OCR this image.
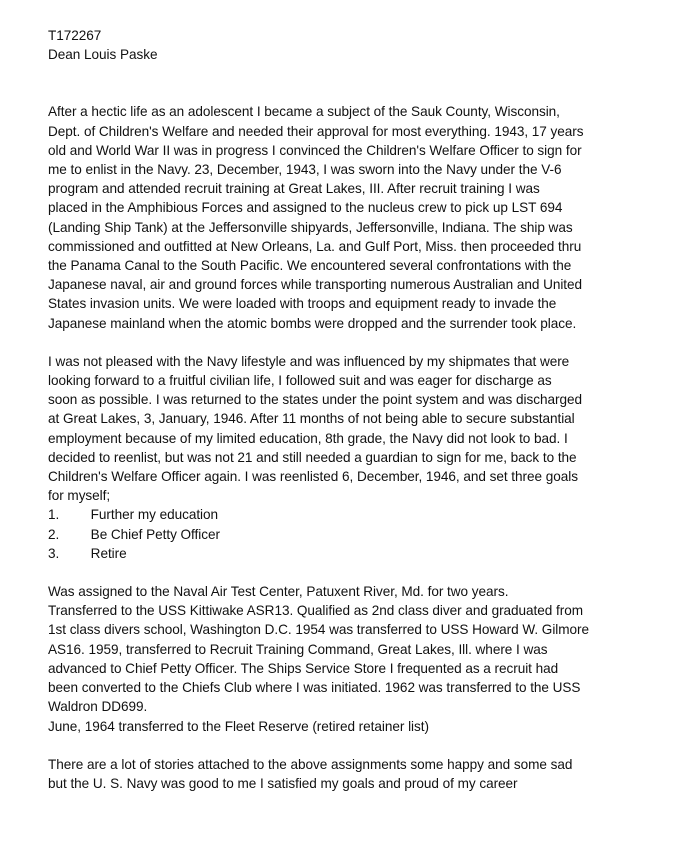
T172267
Dean Louis Paske
After a hectic life as an adolescent I became a subject of the Sauk County, Wisconsin,
Dept. of Children's Welfare and needed their approval for most everything. 1943, 17 years
old and World War II was in progress I convinced the Children's Welfare Officer to sign for
me to enlist in the Navy. 23, December, 1943, I was sworn into the Navy under the V-6
program and attended recruit training at Great Lakes, III. After recruit training I was
placed in the Amphibious Forces and assigned to the nucleus crew to pick up LST 694
(Landing Ship Tank) at the Jeffersonville shipyards, Jeffersonville, Indiana. The ship was
commissioned and outfitted at New Orleans, La. and Gulf Port, Miss. then proceeded thru
the Panama Canal to the South Pacific. We encountered several confrontations with the
Japanese naval, air and ground forces while transporting numerous Australian and United
States invasion units. We were loaded with troops and equipment ready to invade the
Japanese mainland when the atomic bombs were dropped and the surrender took place.
I was not pleased with the Navy lifestyle and was influenced by my shipmates that were
looking forward to a fruitful civilian life, I followed suit and was eager for discharge as
soon as possible. I was returned to the states under the point system and was discharged
at Great Lakes, 3, January, 1946. After 11 months of not being able to secure substantial
employment because of my limited education, 8th grade, the Navy did not look to bad. I
decided to reenlist, but was not 21 and still needed a guardian to sign for me, back to the
Children's Welfare Officer again. I was reenlisted 6, December, 1946, and set three goals
for myself;
1.	Further my education
2.	Be Chief Petty Officer
3.	Retire
Was assigned to the Naval Air Test Center, Patuxent River, Md. for two years.
Transferred to the USS Kittiwake ASR13. Qualified as 2nd class diver and graduated from
1st class divers school, Washington D.C. 1954 was transferred to USS Howard W. Gilmore
AS16. 1959, transferred to Recruit Training Command, Great Lakes, Ill. where I was
advanced to Chief Petty Officer. The Ships Service Store I frequented as a recruit had
been converted to the Chiefs Club where I was initiated. 1962 was transferred to the USS
Waldron DD699.
June, 1964 transferred to the Fleet Reserve (retired retainer list)
There are a lot of stories attached to the above assignments some happy and some sad
but the U. S. Navy was good to me I satisfied my goals and proud of my career
